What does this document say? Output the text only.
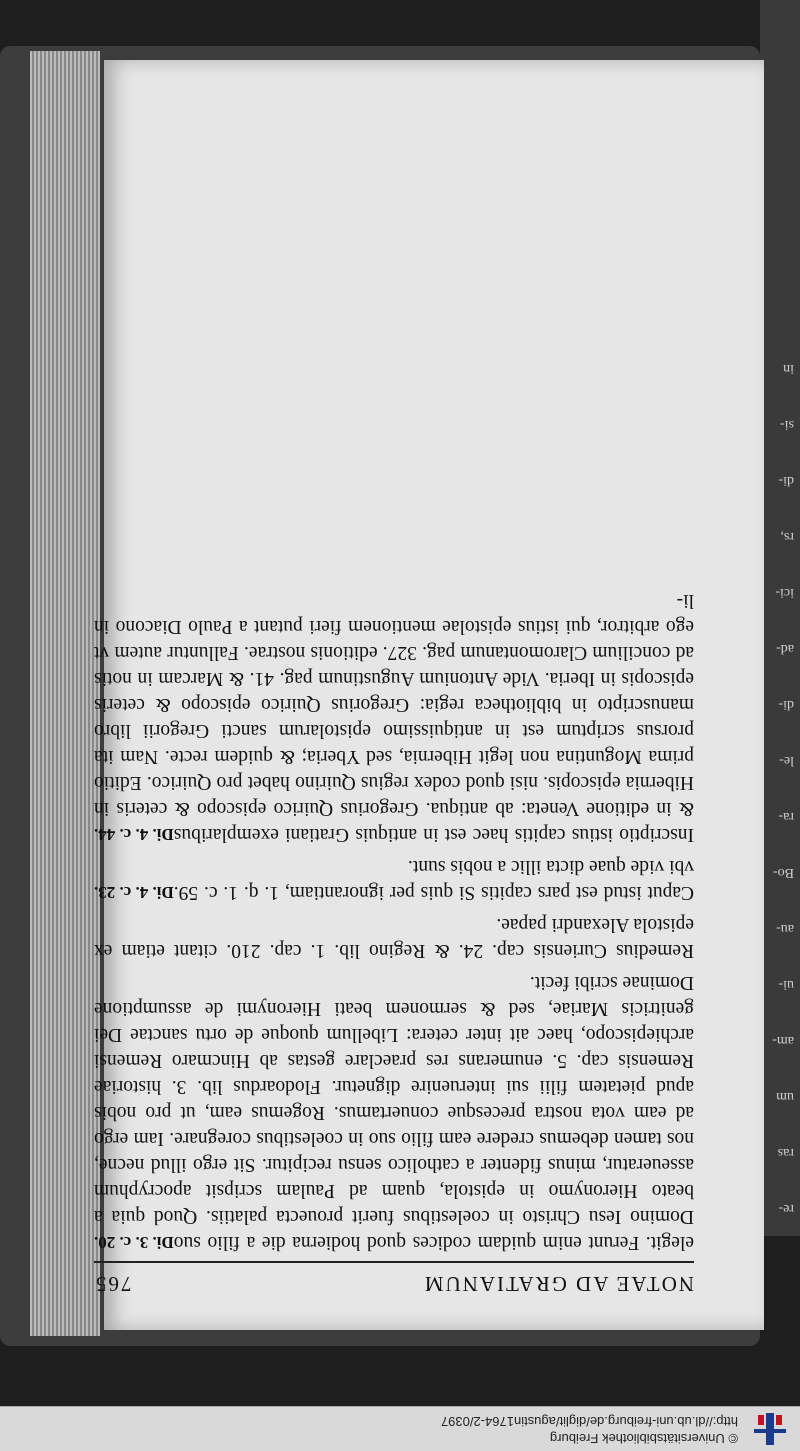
© Universitätsbibliothek Freiburg
http://dl.ub.uni-freiburg.de/diglit/agustin1764-2/0397
re-
ras
um
am-
ui-
au-
Bo-
ra-
le-
di-
ad-
ici-
rs,
di-
si-
in
NOTAE AD GRATIANUM
765

Di. 3. c. 20. elegit. Ferunt enim quidam codices quod hodierna die a filio suo Domino Iesu Christo in coelestibus fuerit prouecta palatiis. Quod quia a beato Hieronymo in epistola, quam ad Paulam scripsit apocryphum asseueratur, minus fidenter a catholico sensu recipitur. Sit ergo illud necne, nos tamen debemus credere eam filio suo in coelestibus coregnare. Iam ergo ad eam vota nostra precesque conuertamus. Rogemus eam, ut pro nobis apud pietatem filii sui interuenire dignetur. Flodoardus lib. 3. historiae Remensis cap. 5. enumerans res praeclare gestas ab Hincmaro Remensi archiepiscopo, haec ait inter cetera: Libellum quoque de ortu sanctae Dei genitricis Mariae, sed & sermonem beati Hieronymi de assumptione Dominae scribi fecit.

Remedius Curiensis cap. 24. & Regino lib. 1. cap. 210. citant etiam ex epistola Alexandri papae.

Di. 4. c. 23. Caput istud est pars capitis Si quis per ignorantiam, 1. q. 1. c. 59. vbi vide quae dicta illic a nobis sunt.

Di. 4. c. 44. Inscriptio istius capitis haec est in antiquis Gratiani exemplaribus & in editione Veneta: ab antiqua. Gregorius Quirico episcopo & ceteris in Hibernia episcopis. nisi quod codex regius Quirino habet pro Quirico. Editio prima Moguntina non legit Hibernia, sed Yberia; & quidem recte. Nam ita prorsus scriptum est in antiquissimo epistolarum sancti Gregorii libro manuscripto in bibliotheca regia: Gregorius Quirico episcopo & ceteris episcopis in Iberia. Vide Antonium Augustinum pag. 41. & Marcam in notis ad concilium Claromontanum pag. 327. editionis nostrae. Falluntur autem vt ego arbitror, qui istius epistolae mentionem fieri putant a Paulo Diacono in li-
